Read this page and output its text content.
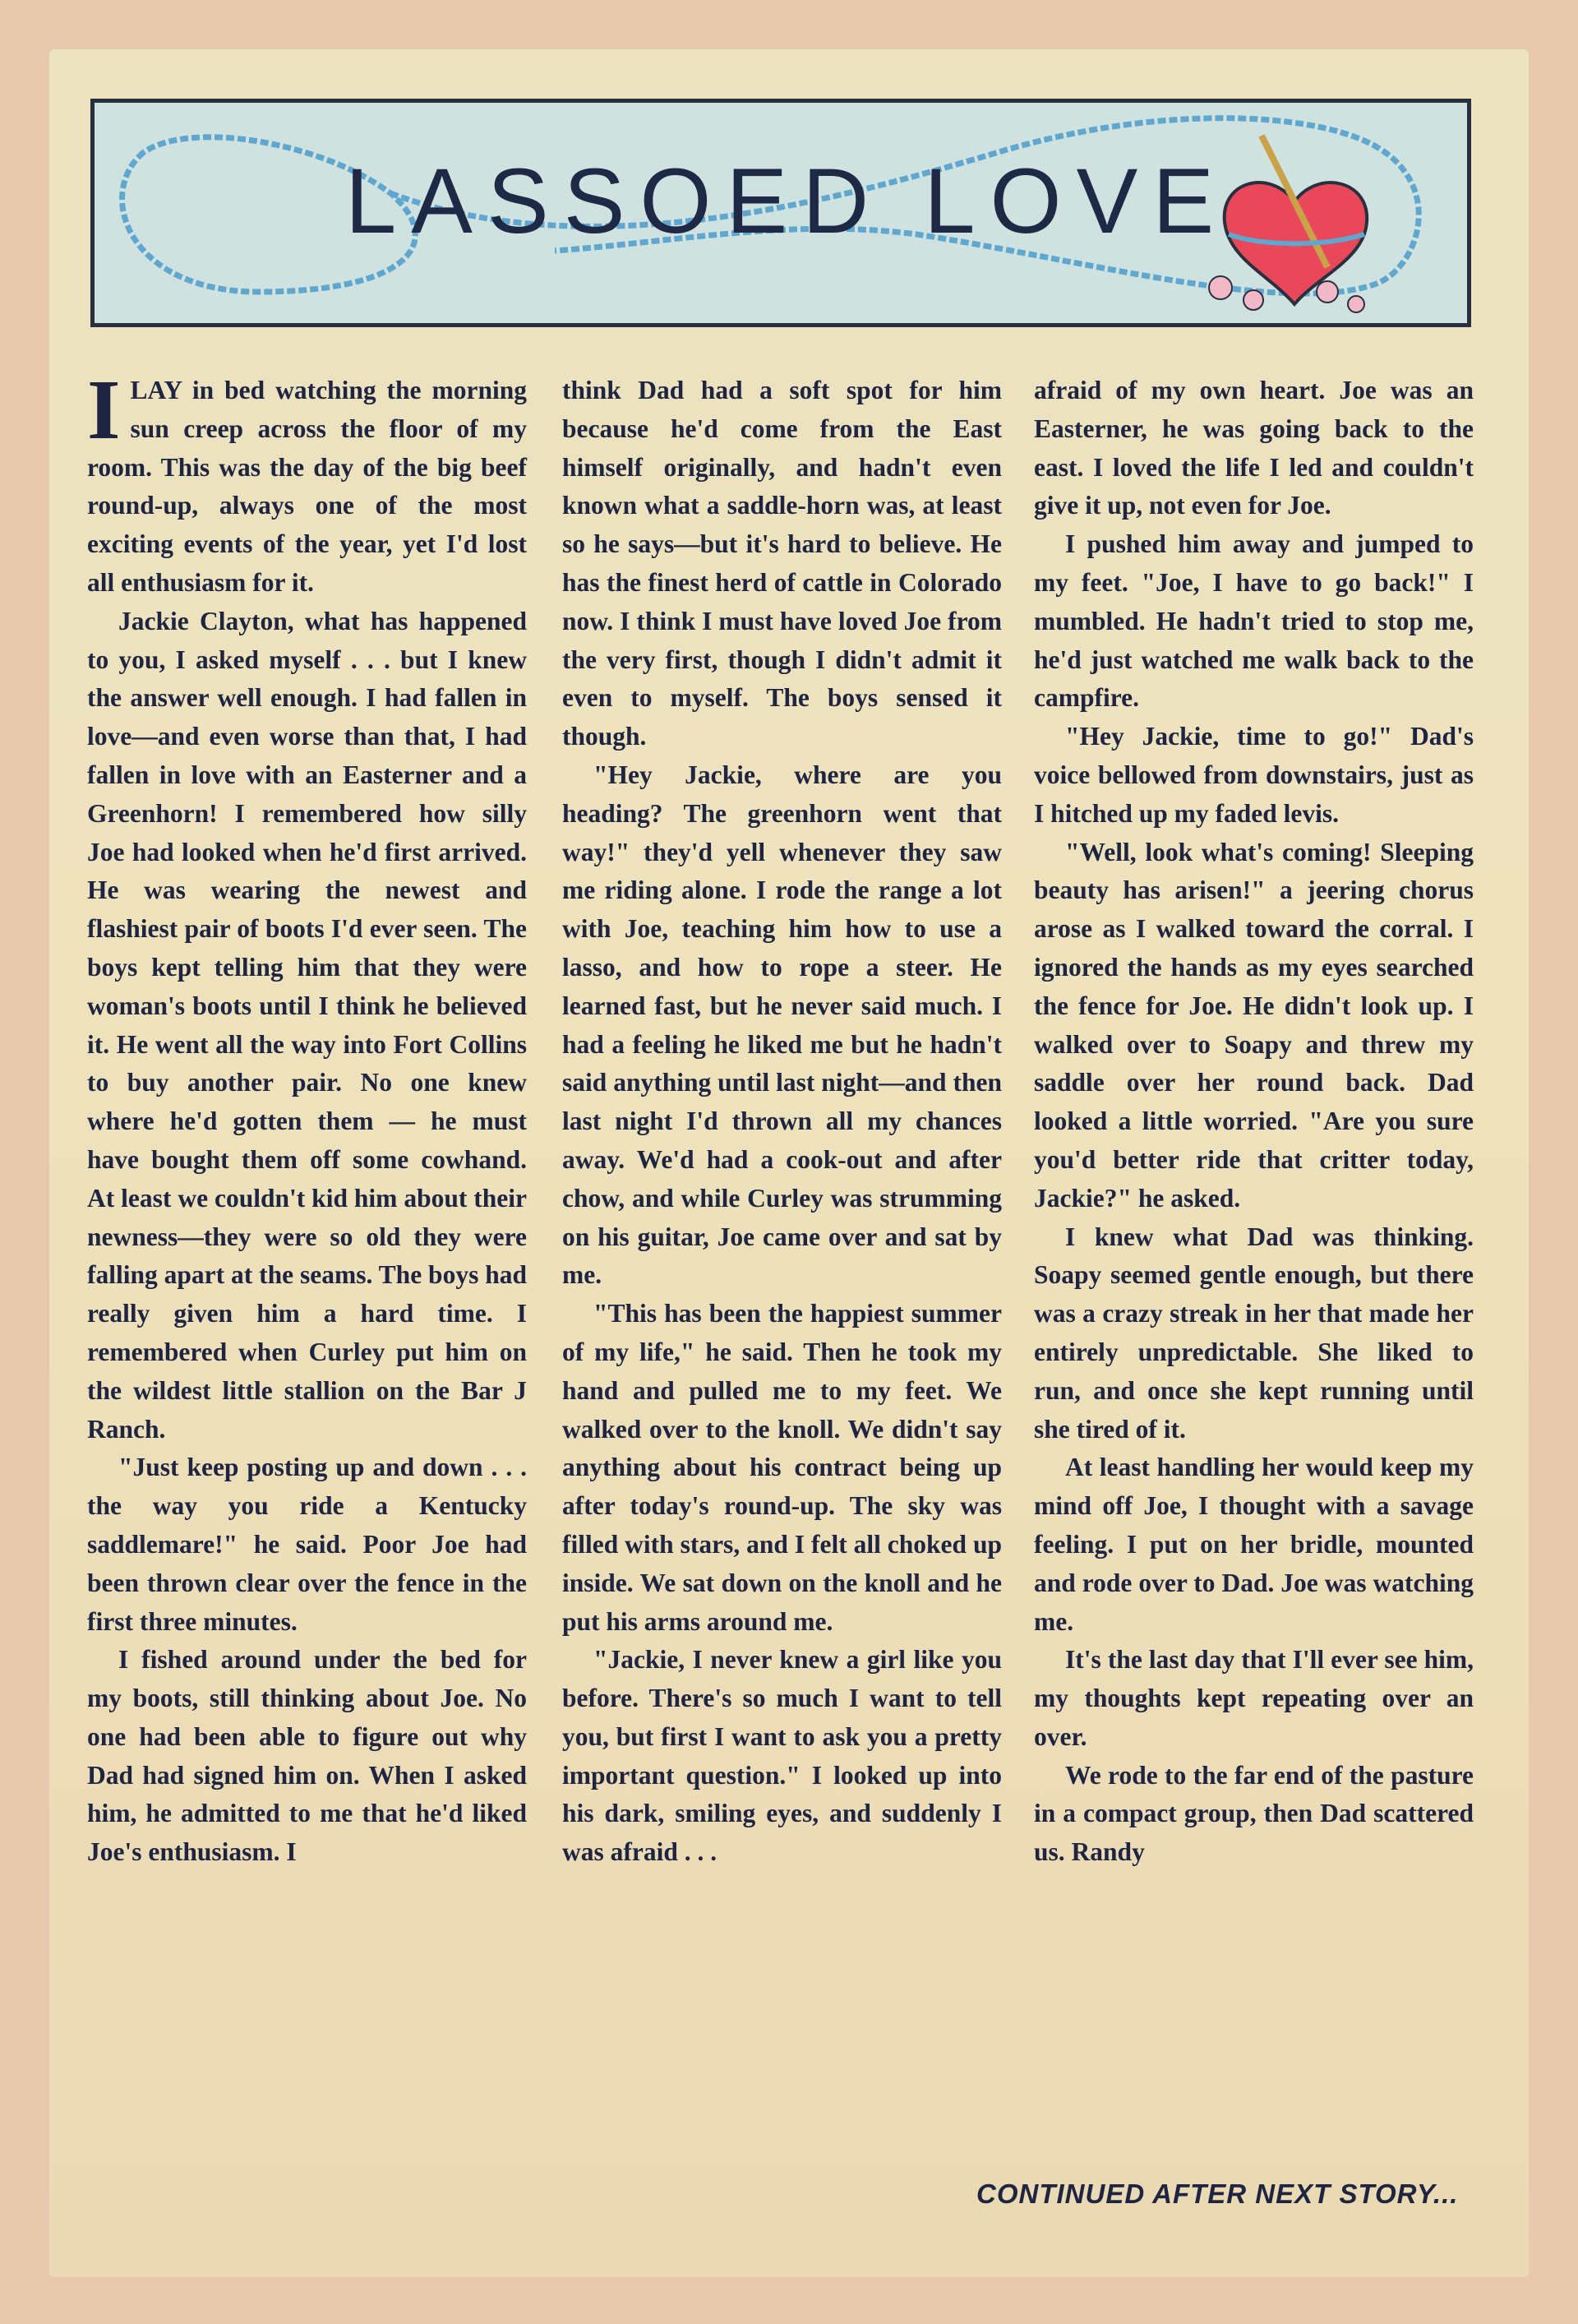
LASSOED LOVE

ILAY in bed watching the morning sun creep across the floor of my room. This was the day of the big beef round-up, always one of the most exciting events of the year, yet I'd lost all enthusiasm for it.

Jackie Clayton, what has happened to you, I asked myself . . . but I knew the answer well enough. I had fallen in love—and even worse than that, I had fallen in love with an Easterner and a Greenhorn! I remembered how silly Joe had looked when he'd first arrived. He was wearing the newest and flashiest pair of boots I'd ever seen. The boys kept telling him that they were woman's boots until I think he believed it. He went all the way into Fort Collins to buy another pair. No one knew where he'd gotten them — he must have bought them off some cowhand. At least we couldn't kid him about their newness—they were so old they were falling apart at the seams. The boys had really given him a hard time. I remembered when Curley put him on the wildest little stallion on the Bar J Ranch.

"Just keep posting up and down . . . the way you ride a Kentucky saddlemare!" he said. Poor Joe had been thrown clear over the fence in the first three minutes.

I fished around under the bed for my boots, still thinking about Joe. No one had been able to figure out why Dad had signed him on. When I asked him, he admitted to me that he'd liked Joe's enthusiasm. I

think Dad had a soft spot for him because he'd come from the East himself originally, and hadn't even known what a saddle-horn was, at least so he says—but it's hard to believe. He has the finest herd of cattle in Colorado now. I think I must have loved Joe from the very first, though I didn't admit it even to myself. The boys sensed it though.

"Hey Jackie, where are you heading? The greenhorn went that way!" they'd yell whenever they saw me riding alone. I rode the range a lot with Joe, teaching him how to use a lasso, and how to rope a steer. He learned fast, but he never said much. I had a feeling he liked me but he hadn't said anything until last night—and then last night I'd thrown all my chances away. We'd had a cook-out and after chow, and while Curley was strumming on his guitar, Joe came over and sat by me.

"This has been the happiest summer of my life," he said. Then he took my hand and pulled me to my feet. We walked over to the knoll. We didn't say anything about his contract being up after today's round-up. The sky was filled with stars, and I felt all choked up inside. We sat down on the knoll and he put his arms around me.

"Jackie, I never knew a girl like you before. There's so much I want to tell you, but first I want to ask you a pretty important question." I looked up into his dark, smiling eyes, and suddenly I was afraid . . .

afraid of my own heart. Joe was an Easterner, he was going back to the east. I loved the life I led and couldn't give it up, not even for Joe.

I pushed him away and jumped to my feet. "Joe, I have to go back!" I mumbled. He hadn't tried to stop me, he'd just watched me walk back to the campfire.

"Hey Jackie, time to go!" Dad's voice bellowed from downstairs, just as I hitched up my faded levis.

"Well, look what's coming! Sleeping beauty has arisen!" a jeering chorus arose as I walked toward the corral. I ignored the hands as my eyes searched the fence for Joe. He didn't look up. I walked over to Soapy and threw my saddle over her round back. Dad looked a little worried. "Are you sure you'd better ride that critter today, Jackie?" he asked.

I knew what Dad was thinking. Soapy seemed gentle enough, but there was a crazy streak in her that made her entirely unpredictable. She liked to run, and once she kept running until she tired of it.

At least handling her would keep my mind off Joe, I thought with a savage feeling. I put on her bridle, mounted and rode over to Dad. Joe was watching me.

It's the last day that I'll ever see him, my thoughts kept repeating over an over.

We rode to the far end of the pasture in a compact group, then Dad scattered us. Randy

CONTINUED AFTER NEXT STORY...
